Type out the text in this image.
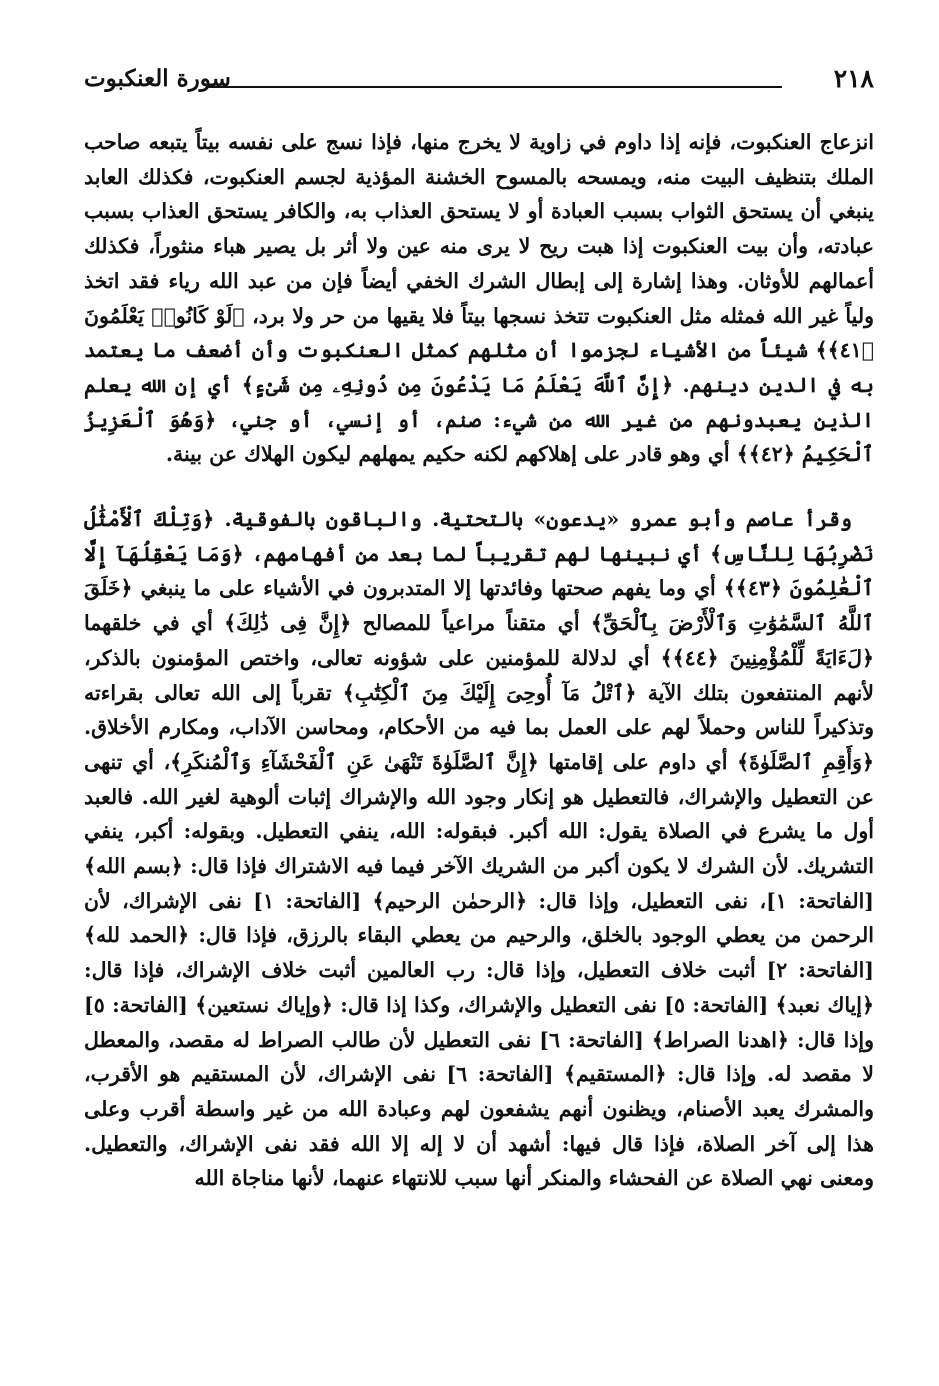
٢١٨
سورة العنكبوت

انزعاج العنكبوت، فإنه إذا داوم في زاوية لا يخرج منها، فإذا نسج على نفسه بيتاً يتبعه صاحب الملك بتنظيف البيت منه، ويمسحه بالمسوح الخشنة المؤذية لجسم العنكبوت، فكذلك العابد ينبغي أن يستحق الثواب بسبب العبادة أو لا يستحق العذاب به، والكافر يستحق العذاب بسبب عبادته، وأن بيت العنكبوت إذا هبت ريح لا يرى منه عين ولا أثر بل يصير هباء منثوراً، فكذلك أعمالهم للأوثان. وهذا إشارة إلى إبطال الشرك الخفي أيضاً فإن من عبد الله رياء فقد اتخذ ولياً غير الله فمثله مثل العنكبوت تتخذ نسجها بيتاً فلا يقيها من حر ولا برد، ﴿لَوْ كَانُوا۟ يَعْلَمُونَ ﴿٤١﴾﴾ شيئاً من الأشياء لجزموا أن مثلهم كمثل العنكبوت وأن أضعف ما يعتمد به في الدين دينهم. ﴿إِنَّ ٱللَّهَ يَعْلَمُ مَا يَدْعُونَ مِن دُونِهِۦ مِن شَىْءٍ﴾ أي إن الله يعلم الذين يعبدونهم من غير الله من شيء: صنم، أو إنسي، أو جني، ﴿وَهُوَ ٱلْعَزِيزُ ٱلْحَكِيمُ ﴿٤٢﴾﴾ أي وهو قادر على إهلاكهم لكنه حكيم يمهلهم ليكون الهلاك عن بينة.

وقرأ عاصم وأبو عمرو «يدعون» بالتحتية. والباقون بالفوقية. ﴿وَتِلْكَ ٱلْأَمْثَٰلُ نَضْرِبُهَا لِلنَّاسِ﴾ أي نبينها لهم تقريباً لما بعد من أفهامهم، ﴿وَمَا يَعْقِلُهَآ إِلَّا ٱلْعَٰلِمُونَ ﴿٤٣﴾﴾ أي وما يفهم صحتها وفائدتها إلا المتدبرون في الأشياء على ما ينبغي ﴿خَلَقَ ٱللَّهُ ٱلسَّمَٰوَٰتِ وَٱلْأَرْضَ بِٱلْحَقِّ﴾ أي متقناً مراعياً للمصالح ﴿إِنَّ فِى ذَٰلِكَ﴾ أي في خلقهما ﴿لَءَايَةً لِّلْمُؤْمِنِينَ ﴿٤٤﴾﴾ أي لدلالة للمؤمنين على شؤونه تعالى، واختص المؤمنون بالذكر، لأنهم المنتفعون بتلك الآية ﴿ٱتْلُ مَآ أُوحِىَ إِلَيْكَ مِنَ ٱلْكِتَٰبِ﴾ تقرباً إلى الله تعالى بقراءته وتذكيراً للناس وحملاً لهم على العمل بما فيه من الأحكام، ومحاسن الآداب، ومكارم الأخلاق. ﴿وَأَقِمِ ٱلصَّلَوٰةَ﴾ أي داوم على إقامتها ﴿إِنَّ ٱلصَّلَوٰةَ تَنْهَىٰ عَنِ ٱلْفَحْشَآءِ وَٱلْمُنكَرِ﴾، أي تنهى عن التعطيل والإشراك، فالتعطيل هو إنكار وجود الله والإشراك إثبات ألوهية لغير الله. فالعبد أول ما يشرع في الصلاة يقول: الله أكبر. فبقوله: الله، ينفي التعطيل. وبقوله: أكبر، ينفي التشريك. لأن الشرك لا يكون أكبر من الشريك الآخر فيما فيه الاشتراك فإذا قال: ﴿بسم الله﴾ [الفاتحة: ١]، نفى التعطيل، وإذا قال: ﴿الرحمٰن الرحيم﴾ [الفاتحة: ١] نفى الإشراك، لأن الرحمن من يعطي الوجود بالخلق، والرحيم من يعطي البقاء بالرزق، فإذا قال: ﴿الحمد لله﴾ [الفاتحة: ٢] أثبت خلاف التعطيل، وإذا قال: رب العالمين أثبت خلاف الإشراك، فإذا قال: ﴿إياك نعبد﴾ [الفاتحة: ٥] نفى التعطيل والإشراك، وكذا إذا قال: ﴿وإياك نستعين﴾ [الفاتحة: ٥] وإذا قال: ﴿اهدنا الصراط﴾ [الفاتحة: ٦] نفى التعطيل لأن طالب الصراط له مقصد، والمعطل لا مقصد له. وإذا قال: ﴿المستقيم﴾ [الفاتحة: ٦] نفى الإشراك، لأن المستقيم هو الأقرب، والمشرك يعبد الأصنام، ويظنون أنهم يشفعون لهم وعبادة الله من غير واسطة أقرب وعلى هذا إلى آخر الصلاة، فإذا قال فيها: أشهد أن لا إله إلا الله فقد نفى الإشراك، والتعطيل. ومعنى نهي الصلاة عن الفحشاء والمنكر أنها سبب للانتهاء عنهما، لأنها مناجاة الله
